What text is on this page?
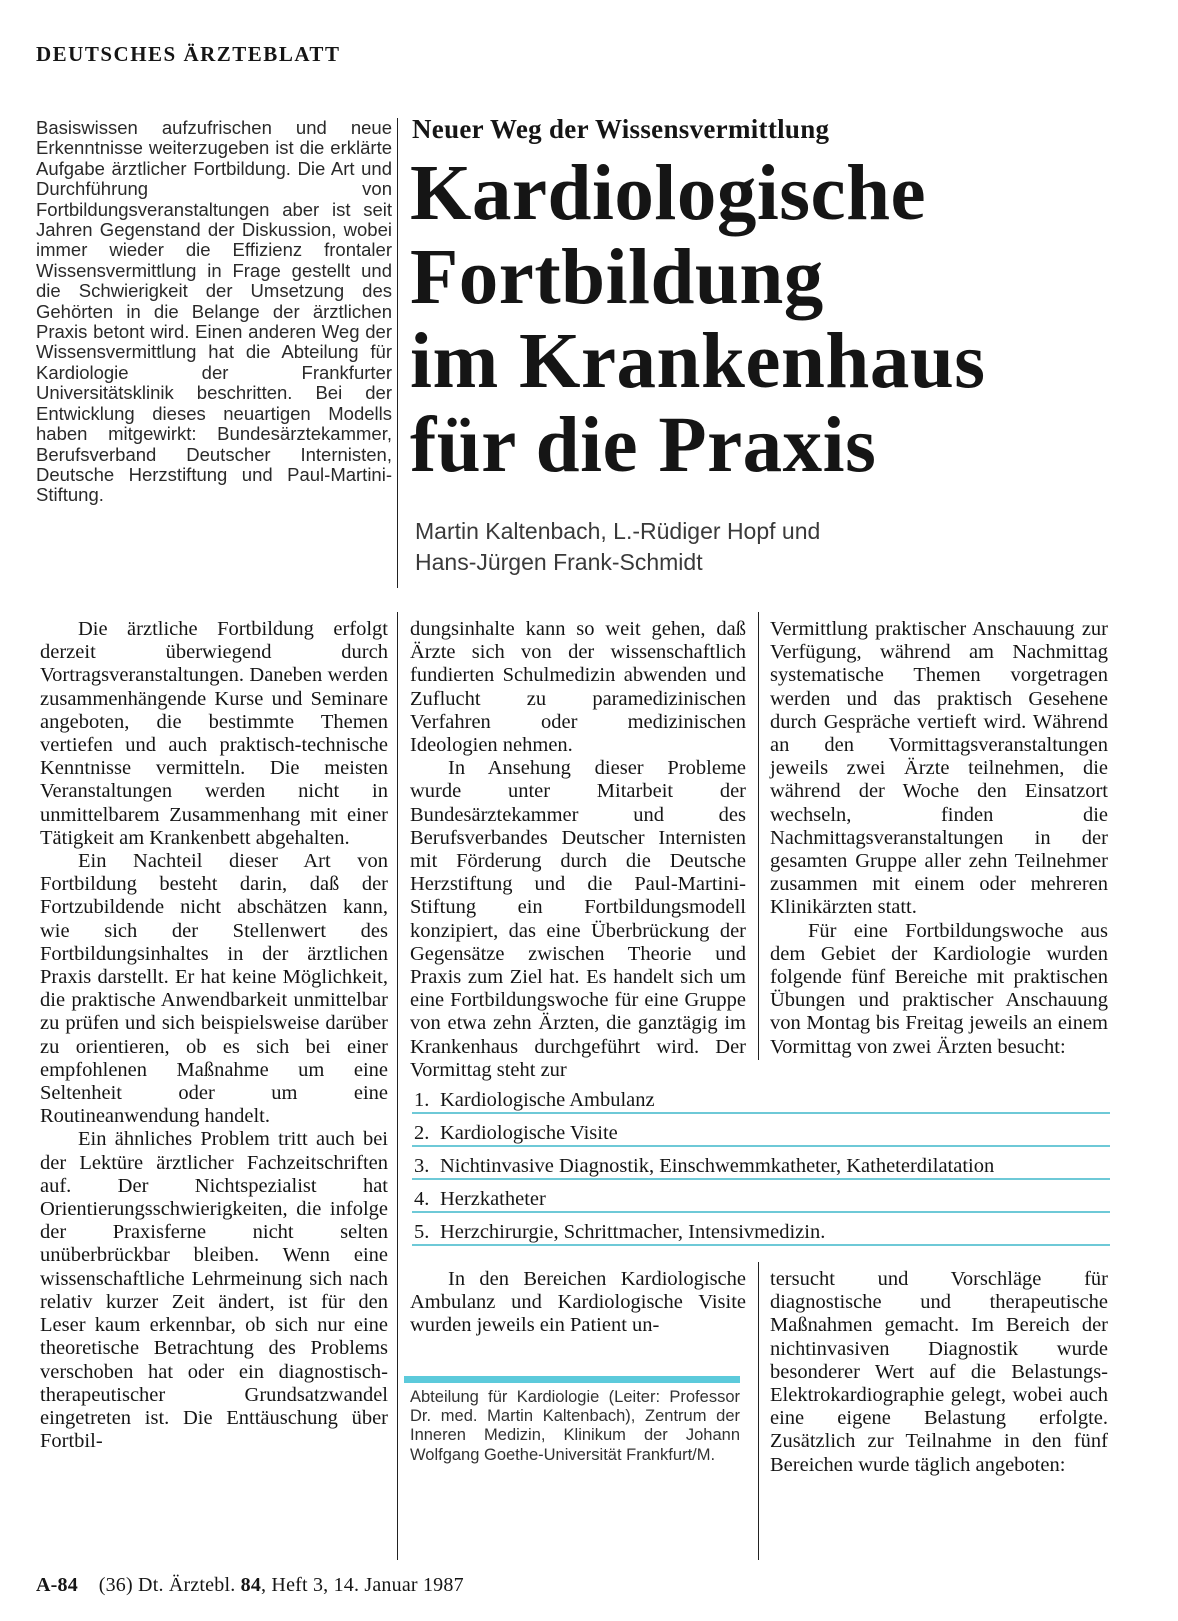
DEUTSCHES ÄRZTEBLATT
Basiswissen aufzufrischen und neue Erkenntnisse weiterzugeben ist die erklärte Aufgabe ärztlicher Fortbildung. Die Art und Durchführung von Fortbildungsveranstaltungen aber ist seit Jahren Gegenstand der Diskussion, wobei immer wieder die Effizienz frontaler Wissensvermittlung in Frage gestellt und die Schwierigkeit der Umsetzung des Gehörten in die Belange der ärztlichen Praxis betont wird. Einen anderen Weg der Wissensvermittlung hat die Abteilung für Kardiologie der Frankfurter Universitätsklinik beschritten. Bei der Entwicklung dieses neuartigen Modells haben mitgewirkt: Bundesärztekammer, Berufsverband Deutscher Internisten, Deutsche Herzstiftung und Paul-Martini-Stiftung.
Neuer Weg der Wissensvermittlung
Kardiologische
Fortbildung
im Krankenhaus
für die Praxis
Martin Kaltenbach, L.-Rüdiger Hopf und
Hans-Jürgen Frank-Schmidt

Die ärztliche Fortbildung erfolgt derzeit überwiegend durch Vortragsveranstaltungen. Daneben werden zusammenhängende Kurse und Seminare angeboten, die bestimmte Themen vertiefen und auch praktisch-technische Kenntnisse vermitteln. Die meisten Veranstaltungen werden nicht in unmittelbarem Zusammenhang mit einer Tätigkeit am Krankenbett abgehalten.

Ein Nachteil dieser Art von Fortbildung besteht darin, daß der Fortzubildende nicht abschätzen kann, wie sich der Stellenwert des Fortbildungsinhaltes in der ärztlichen Praxis darstellt. Er hat keine Möglichkeit, die praktische Anwendbarkeit unmittelbar zu prüfen und sich beispielsweise darüber zu orientieren, ob es sich bei einer empfohlenen Maßnahme um eine Seltenheit oder um eine Routineanwendung handelt.

Ein ähnliches Problem tritt auch bei der Lektüre ärztlicher Fachzeitschriften auf. Der Nichtspezialist hat Orientierungsschwierigkeiten, die infolge der Praxisferne nicht selten unüberbrückbar bleiben. Wenn eine wissenschaftliche Lehrmeinung sich nach relativ kurzer Zeit ändert, ist für den Leser kaum erkennbar, ob sich nur eine theoretische Betrachtung des Problems verschoben hat oder ein diagnostisch-therapeutischer Grundsatzwandel eingetreten ist. Die Enttäuschung über Fortbil-

dungsinhalte kann so weit gehen, daß Ärzte sich von der wissenschaftlich fundierten Schulmedizin abwenden und Zuflucht zu paramedizinischen Verfahren oder medizinischen Ideologien nehmen.

In Ansehung dieser Probleme wurde unter Mitarbeit der Bundesärztekammer und des Berufsverbandes Deutscher Internisten mit Förderung durch die Deutsche Herzstiftung und die Paul-Martini-Stiftung ein Fortbildungsmodell konzipiert, das eine Überbrückung der Gegensätze zwischen Theorie und Praxis zum Ziel hat. Es handelt sich um eine Fortbildungswoche für eine Gruppe von etwa zehn Ärzten, die ganztägig im Krankenhaus durchgeführt wird. Der Vormittag steht zur

Vermittlung praktischer Anschauung zur Verfügung, während am Nachmittag systematische Themen vorgetragen werden und das praktisch Gesehene durch Gespräche vertieft wird. Während an den Vormittagsveranstaltungen jeweils zwei Ärzte teilnehmen, die während der Woche den Einsatzort wechseln, finden die Nachmittagsveranstaltungen in der gesamten Gruppe aller zehn Teilnehmer zusammen mit einem oder mehreren Klinikärzten statt.

Für eine Fortbildungswoche aus dem Gebiet der Kardiologie wurden folgende fünf Bereiche mit praktischen Übungen und praktischer Anschauung von Montag bis Freitag jeweils an einem Vormittag von zwei Ärzten besucht:

1. Kardiologische Ambulanz
2. Kardiologische Visite
3. Nichtinvasive Diagnostik, Einschwemmkatheter, Katheterdilatation
4. Herzkatheter
5. Herzchirurgie, Schrittmacher, Intensivmedizin.

In den Bereichen Kardiologische Ambulanz und Kardiologische Visite wurden jeweils ein Patient un-

tersucht und Vorschläge für diagnostische und therapeutische Maßnahmen gemacht. Im Bereich der nichtinvasiven Diagnostik wurde besonderer Wert auf die Belastungs-Elektrokardiographie gelegt, wobei auch eine eigene Belastung erfolgte. Zusätzlich zur Teilnahme in den fünf Bereichen wurde täglich angeboten:

Abteilung für Kardiologie (Leiter: Professor Dr. med. Martin Kaltenbach), Zentrum der Inneren Medizin, Klinikum der Johann Wolfgang Goethe-Universität Frankfurt/M.
A-84 (36) Dt. Ärztebl. 84, Heft 3, 14. Januar 1987
